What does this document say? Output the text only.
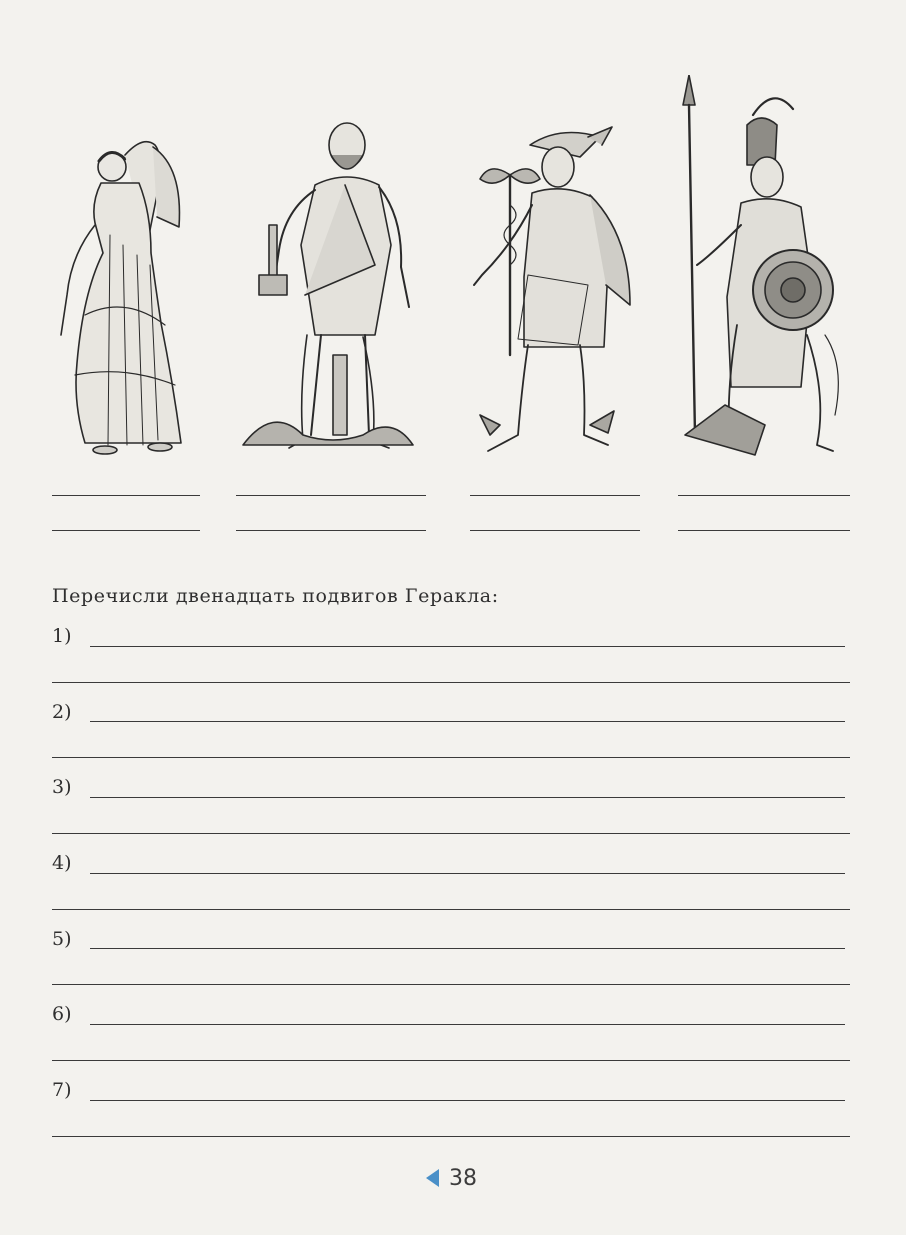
Перечисли двенадцать подвигов Геракла:
1)
2)
3)
4)
5)
6)
7)
38
